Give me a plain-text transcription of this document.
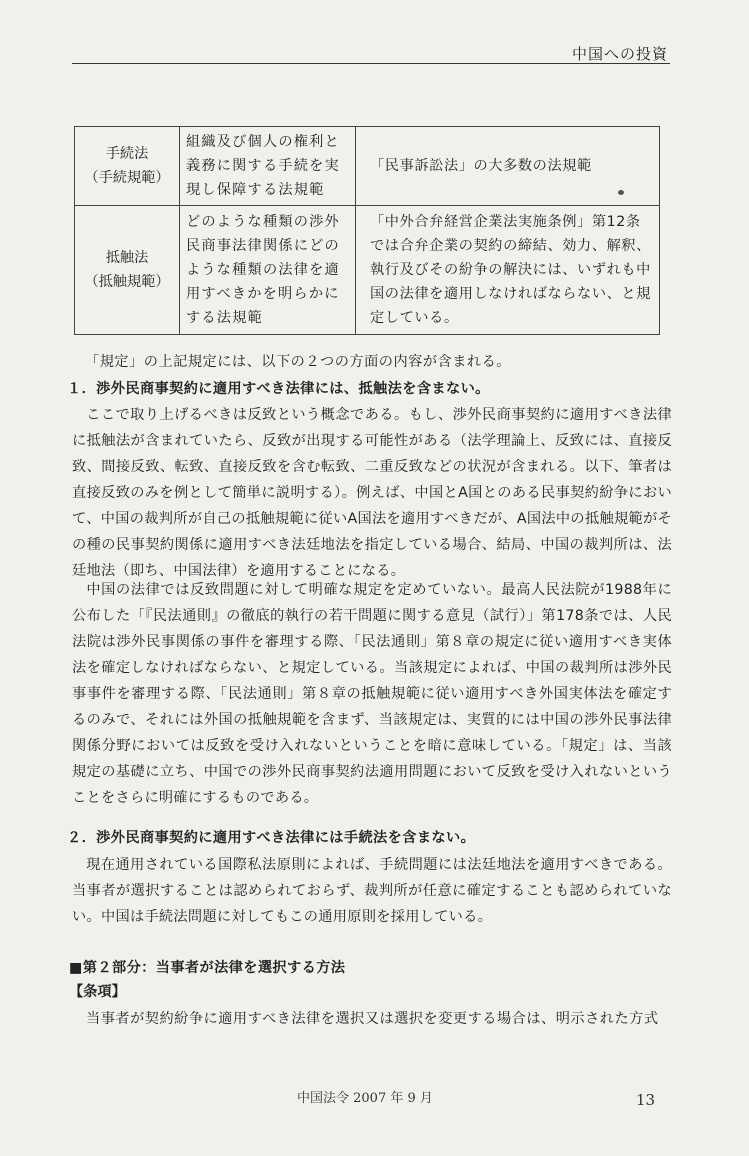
中国への投資
手続法
（手続規範）	組織及び個人の権利と義務に関する手続を実現し保障する法規範	「民事訴訟法」の大多数の法規範

抵触法
（抵触規範）	どのような種類の渉外民商事法律関係にどのような種類の法律を適用すべきかを明らかにする法規範	「中外合弁経営企業法実施条例」第12条では合弁企業の契約の締結、効力、解釈、執行及びその紛争の解決には、いずれも中国の法律を適用しなければならない、と規定している。
「規定」の上記規定には、以下の２つの方面の内容が含まれる。
１．渉外民商事契約に適用すべき法律には、抵触法を含まない。
ここで取り上げるべきは反致という概念である。もし、渉外民商事契約に適用すべき法律に抵触法が含まれていたら、反致が出現する可能性がある（法学理論上、反致には、直接反致、間接反致、転致、直接反致を含む転致、二重反致などの状況が含まれる。以下、筆者は直接反致のみを例として簡単に説明する）。例えば、中国とA国とのある民事契約紛争において、中国の裁判所が自己の抵触規範に従いA国法を適用すべきだが、A国法中の抵触規範がその種の民事契約関係に適用すべき法廷地法を指定している場合、結局、中国の裁判所は、法廷地法（即ち、中国法律）を適用することになる。
中国の法律では反致問題に対して明確な規定を定めていない。最高人民法院が1988年に公布した「『民法通則』の徹底的執行の若干問題に関する意見（試行）」第178条では、人民法院は渉外民事関係の事件を審理する際、「民法通則」第８章の規定に従い適用すべき実体法を確定しなければならない、と規定している。当該規定によれば、中国の裁判所は渉外民事事件を審理する際、「民法通則」第８章の抵触規範に従い適用すべき外国実体法を確定するのみで、それには外国の抵触規範を含まず、当該規定は、実質的には中国の渉外民事法律関係分野においては反致を受け入れないということを暗に意味している。「規定」は、当該規定の基礎に立ち、中国での渉外民商事契約法適用問題において反致を受け入れないということをさらに明確にするものである。
２．渉外民商事契約に適用すべき法律には手続法を含まない。
現在通用されている国際私法原則によれば、手続問題には法廷地法を適用すべきである。当事者が選択することは認められておらず、裁判所が任意に確定することも認められていない。中国は手続法問題に対してもこの通用原則を採用している。
■第２部分：当事者が法律を選択する方法
【条項】
当事者が契約紛争に適用すべき法律を選択又は選択を変更する場合は、明示された方式
中国法令 2007 年 9 月	13
